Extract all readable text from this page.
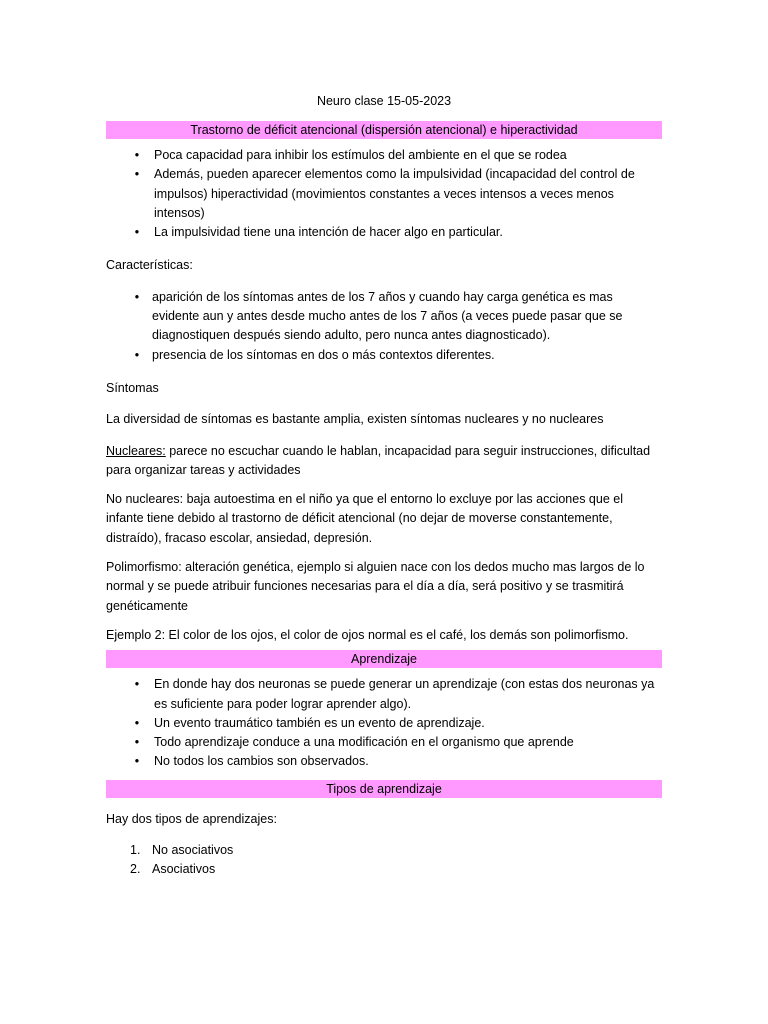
Neuro clase 15-05-2023
Trastorno de déficit atencional (dispersión atencional) e hiperactividad
• Poca capacidad para inhibir los estímulos del ambiente en el que se rodea
• Además, pueden aparecer elementos como la impulsividad (incapacidad del control de impulsos) hiperactividad (movimientos constantes a veces intensos a veces menos intensos)
• La impulsividad tiene una intención de hacer algo en particular.

Características:

• aparición de los síntomas antes de los 7 años y cuando hay carga genética es mas evidente aun y antes desde mucho antes de los 7 años (a veces puede pasar que se diagnostiquen después siendo adulto, pero nunca antes diagnosticado).
• presencia de los síntomas en dos o más contextos diferentes.

Síntomas

La diversidad de síntomas es bastante amplia, existen síntomas nucleares y no nucleares

Nucleares: parece no escuchar cuando le hablan, incapacidad para seguir instrucciones, dificultad para organizar tareas y actividades

No nucleares: baja autoestima en el niño ya que el entorno lo excluye por las acciones que el infante tiene debido al trastorno de déficit atencional (no dejar de moverse constantemente, distraído), fracaso escolar, ansiedad, depresión.

Polimorfismo: alteración genética, ejemplo si alguien nace con los dedos mucho mas largos de lo normal y se puede atribuir funciones necesarias para el día a día, será positivo y se trasmitirá genéticamente

Ejemplo 2: El color de los ojos, el color de ojos normal es el café, los demás son polimorfismo.

Aprendizaje
• En donde hay dos neuronas se puede generar un aprendizaje (con estas dos neuronas ya es suficiente para poder lograr aprender algo).
• Un evento traumático también es un evento de aprendizaje.
• Todo aprendizaje conduce a una modificación en el organismo que aprende
• No todos los cambios son observados.
Tipos de aprendizaje

Hay dos tipos de aprendizajes:

1. No asociativos
2. Asociativos
